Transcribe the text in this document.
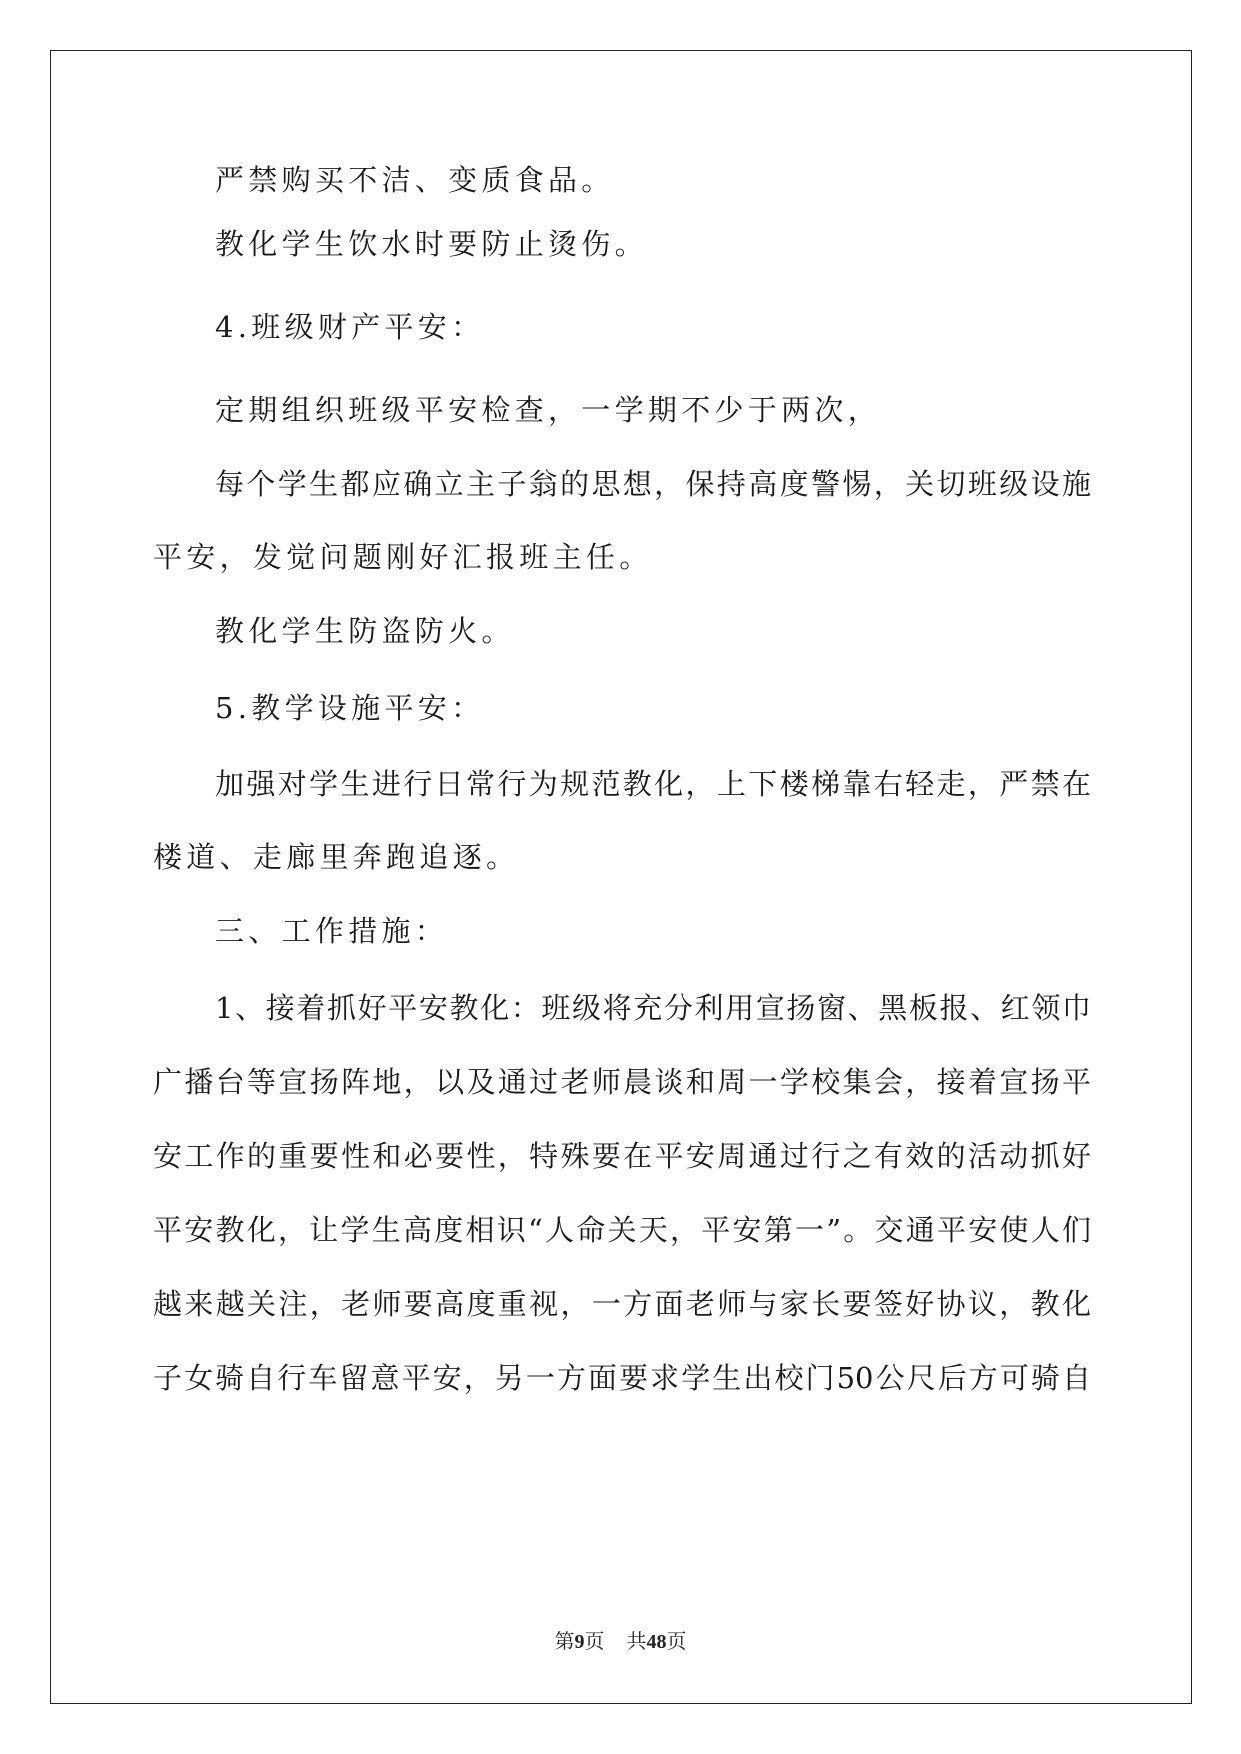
严禁购买不洁、变质食品。
教化学生饮水时要防止烫伤。
4.班级财产平安：
定期组织班级平安检查，一学期不少于两次，
每个学生都应确立主子翁的思想，保持高度警惕，关切班级设施
平安，发觉问题刚好汇报班主任。
教化学生防盗防火。
5.教学设施平安：
加强对学生进行日常行为规范教化，上下楼梯靠右轻走，严禁在
楼道、走廊里奔跑追逐。
三、工作措施：
1、接着抓好平安教化：班级将充分利用宣扬窗、黑板报、红领巾
广播台等宣扬阵地，以及通过老师晨谈和周一学校集会，接着宣扬平
安工作的重要性和必要性，特殊要在平安周通过行之有效的活动抓好
平安教化，让学生高度相识“人命关天，平安第一”。交通平安使人们
越来越关注，老师要高度重视，一方面老师与家长要签好协议，教化
子女骑自行车留意平安，另一方面要求学生出校门50公尺后方可骑自
第9页 共48页
